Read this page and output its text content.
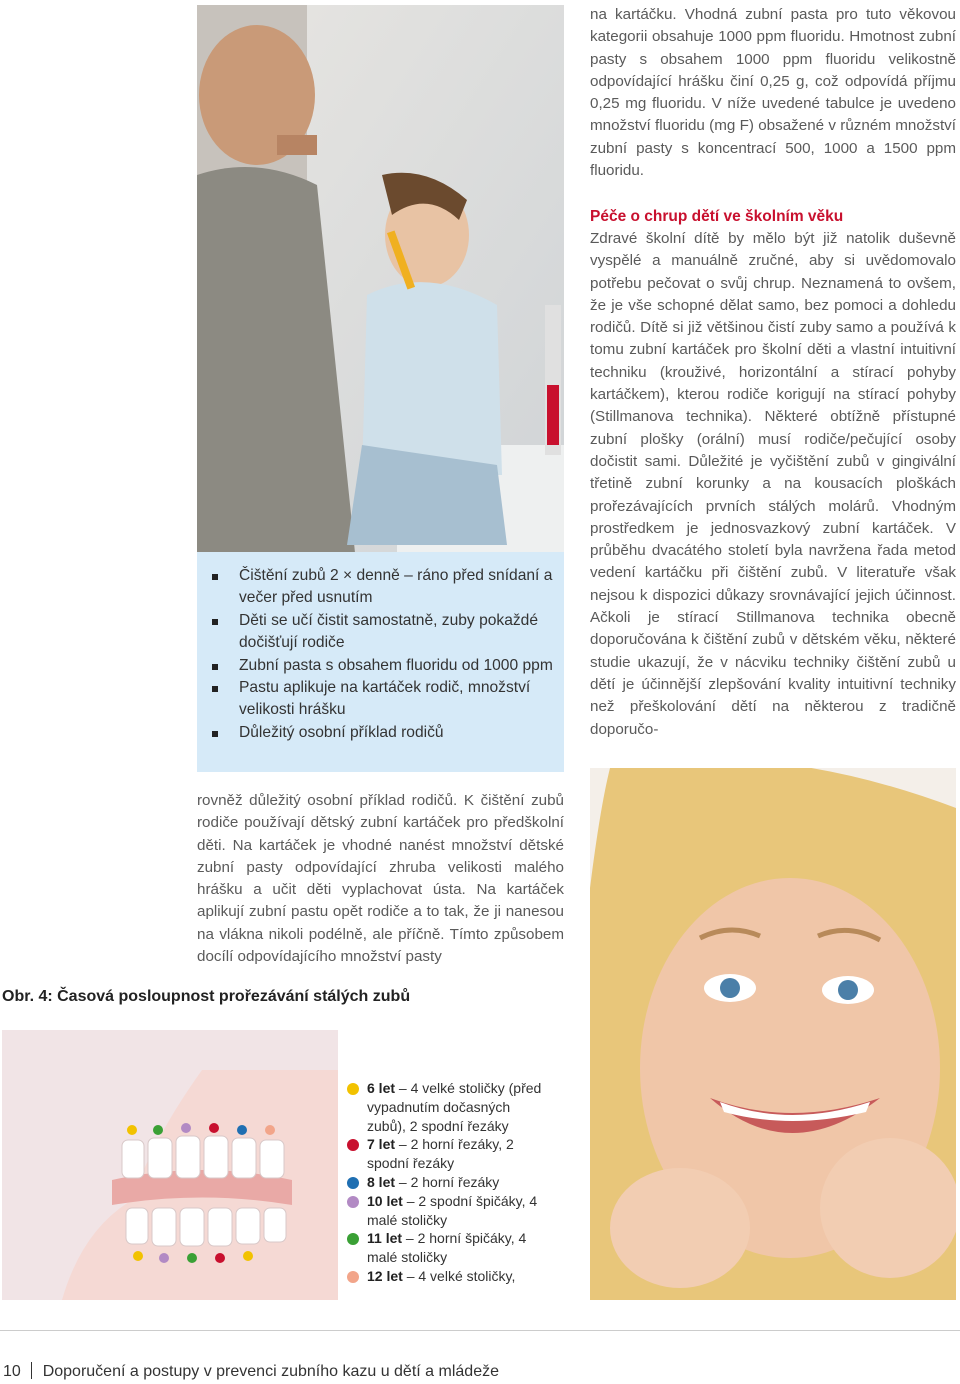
Čištění zubů 2 × denně – ráno před snídaní a večer před usnutím
Děti se učí čistit samostatně, zuby pokaždé dočišťují rodiče
Zubní pasta s obsahem fluoridu od 1000 ppm
Pastu aplikuje na kartáček rodič, množství velikosti hrášku
Důležitý osobní příklad rodičů

na kartáčku. Vhodná zubní pasta pro tuto věkovou kategorii obsahuje 1000 ppm fluoridu. Hmotnost zubní pasty s obsahem 1000 ppm fluoridu velikostně odpovídající hrášku činí 0,25 g, což odpovídá příjmu 0,25 mg fluoridu. V níže uvedené tabulce je uvedeno množství fluoridu (mg F) obsažené v různém množství zubní pasty s koncentrací 500, 1000 a 1500 ppm fluoridu.

Péče o chrup dětí ve školním věku

Zdravé školní dítě by mělo být již natolik duševně vyspělé a manuálně zručné, aby si uvědomovalo potřebu pečovat o svůj chrup. Neznamená to ovšem, že je vše schopné dělat samo, bez pomoci a dohledu rodičů. Dítě si již většinou čistí zuby samo a používá k tomu zubní kartáček pro školní děti a vlastní intuitivní techniku (krouživé, horizontální a stírací pohyby kartáčkem), kterou rodiče korigují na stírací pohyby (Stillmanova technika). Některé obtížně přístupné zubní plošky (orální) musí rodiče/pečující osoby dočistit sami. Důležité je vyčištění zubů v gingivální třetině zubní korunky a na kousacích ploškách prořezávajících prvních stálých molárů. Vhodným prostředkem je jednosvazkový zubní kartáček. V průběhu dvacátého století byla navržena řada metod vedení kartáčku při čištění zubů. V literatuře však nejsou k dispozici důkazy srovnávající jejich účinnost. Ačkoli je stírací Stillmanova technika obecně doporučována k čištění zubů v dětském věku, některé studie ukazují, že v nácviku techniky čištění zubů u dětí je účinnější zlepšování kvality intuitivní techniky než přeškolování dětí na některou z tradičně doporučo-

rovněž důležitý osobní příklad rodičů. K čištění zubů rodiče používají dětský zubní kartáček pro předškolní děti. Na kartáček je vhodné nanést množství dětské zubní pasty odpovídající zhruba velikosti malého hrášku a učit děti vyplachovat ústa. Na kartáček aplikují zubní pastu opět rodiče a to tak, že ji nanesou na vlákna nikoli podélně, ale příčně. Tímto způsobem docílí odpovídajícího množství pasty

Obr. 4: Časová posloupnost prořezávání stálých zubů
6 let – 4 velké stoličky (před vypadnutím dočasných zubů), 2 spodní řezáky
7 let – 2 horní řezáky, 2 spodní řezáky
8 let – 2 horní řezáky
10 let – 2 spodní špičáky, 4 malé stoličky
11 let – 2 horní špičáky, 4 malé stoličky
12 let – 4 velké stoličky,
10 Doporučení a postupy v prevenci zubního kazu u dětí a mládeže
